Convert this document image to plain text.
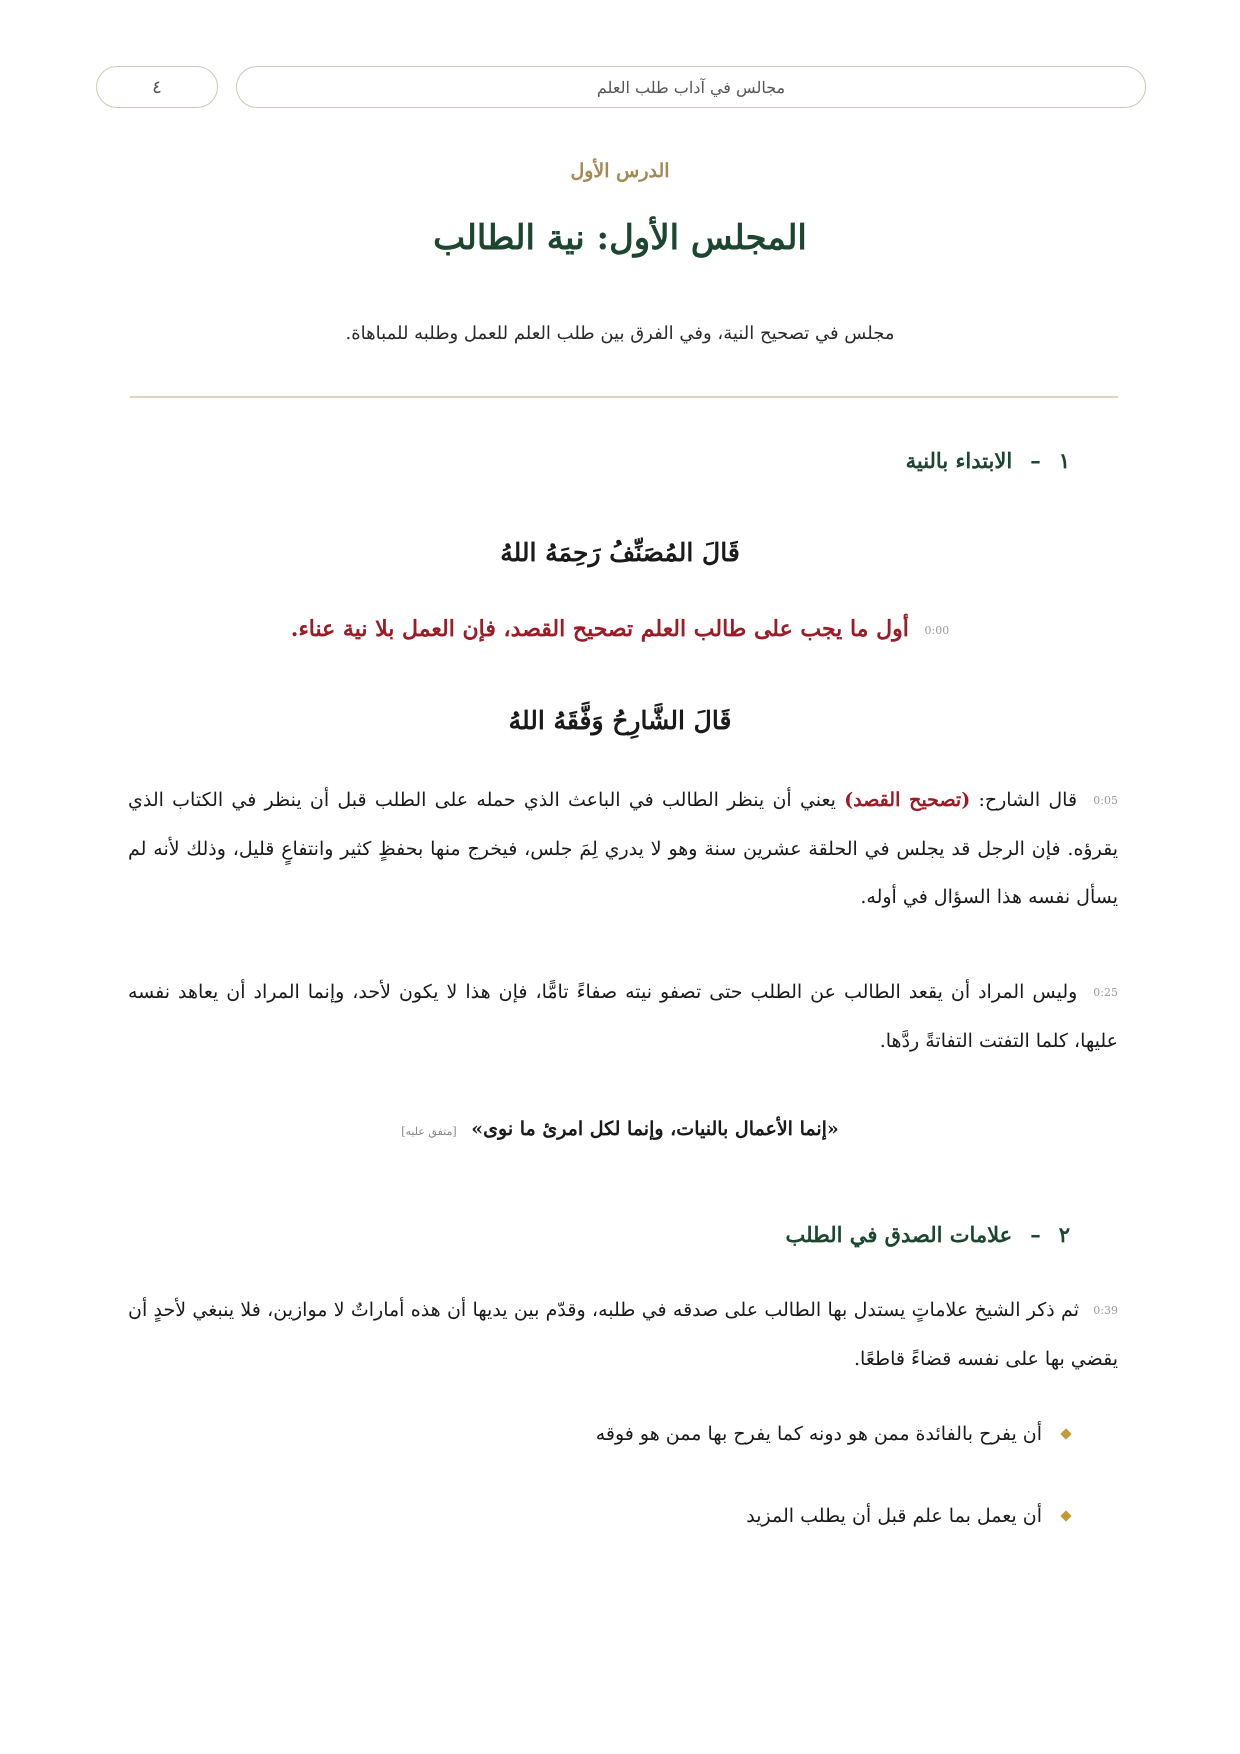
٤	مجالس في آداب طلب العلم
الدرس الأول
المجلس الأول: نية الطالب
مجلس في تصحيح النية، وفي الفرق بين طلب العلم للعمل وطلبه للمباهاة.
١
–
الابتداء بالنية
قَالَ المُصَنِّفُ رَحِمَهُ اللهُ
0:00 أول ما يجب على طالب العلم تصحيح القصد، فإن العمل بلا نية عناء.
قَالَ الشَّارِحُ وَفَّقَهُ اللهُ
0:05 قال الشارح: (تصحيح القصد) يعني أن ينظر الطالب في الباعث الذي حمله على الطلب قبل أن ينظر في الكتاب الذي يقرؤه. فإن الرجل قد يجلس في الحلقة عشرين سنة وهو لا يدري لِمَ جلس، فيخرج منها بحفظٍ كثير وانتفاعٍ قليل، وذلك لأنه لم يسأل نفسه هذا السؤال في أوله.
0:25 وليس المراد أن يقعد الطالب عن الطلب حتى تصفو نيته صفاءً تامًّا، فإن هذا لا يكون لأحد، وإنما المراد أن يعاهد نفسه عليها، كلما التفتت التفاتةً ردَّها.
«إنما الأعمال بالنيات، وإنما لكل امرئ ما نوى» [متفق عليه]
٢
–
علامات الصدق في الطلب
0:39 ثم ذكر الشيخ علاماتٍ يستدل بها الطالب على صدقه في طلبه، وقدّم بين يديها أن هذه أماراتٌ لا موازين، فلا ينبغي لأحدٍ أن يقضي بها على نفسه قضاءً قاطعًا.
أن يفرح بالفائدة ممن هو دونه كما يفرح بها ممن هو فوقه
أن يعمل بما علم قبل أن يطلب المزيد
